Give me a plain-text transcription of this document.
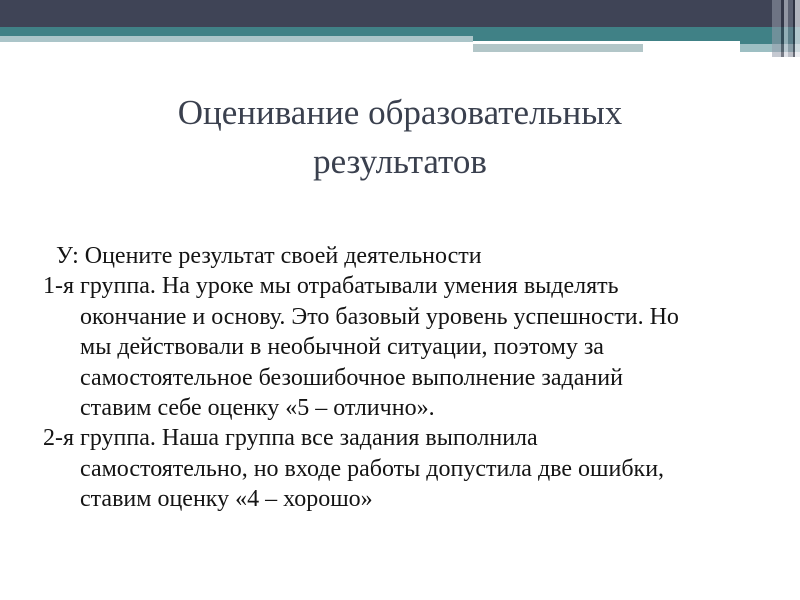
Оценивание образовательных
результатов
У: Оцените результат своей деятельности
1-я группа. На уроке мы отрабатывали умения выделять
окончание и основу. Это базовый уровень успешности. Но
мы действовали в необычной ситуации, поэтому за
самостоятельное безошибочное выполнение заданий
ставим себе оценку «5 – отлично».
2-я группа. Наша группа все задания выполнила
самостоятельно, но входе работы допустила две ошибки,
ставим оценку «4 – хорошо»
